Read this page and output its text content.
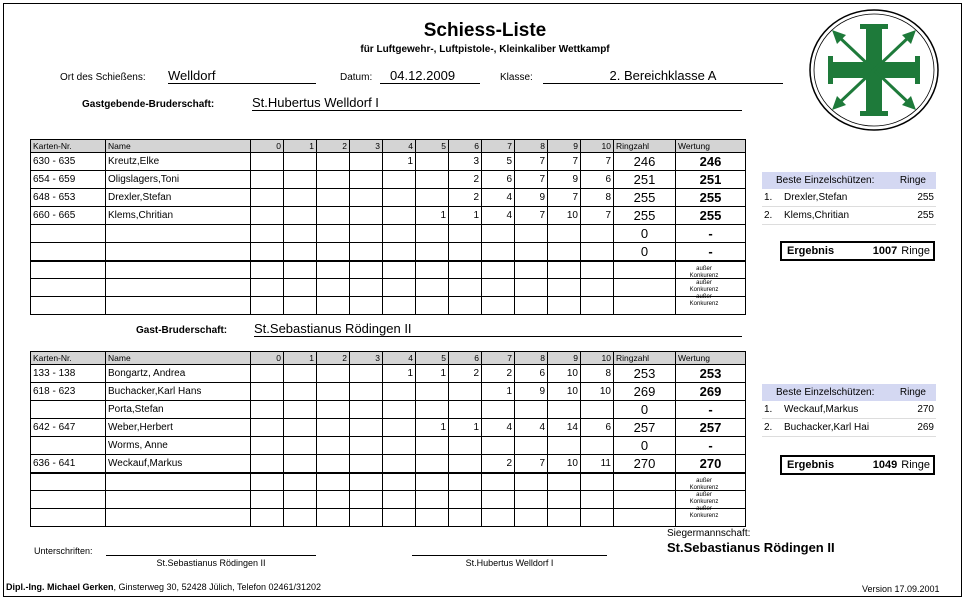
Schiess-Liste
für Luftgewehr-, Luftpistole-, Kleinkaliber Wettkampf
Ort des Schießens: Welldorf	Datum:	04.12.2009	Klasse:	2. Bereichklasse A
Gastgebende-Bruderschaft:	St.Hubertus Welldorf I
Karten-Nr.	Name	0	1	2	3	4	5	6	7	8	9	10	Ringzahl	Wertung
630 - 635	Kreutz,Elke					1		3	5	7	7	7	246	246
654 - 659	Oligslagers,Toni							2	6	7	9	6	251	251
648 - 653	Drexler,Stefan							2	4	9	7	8	255	255
660 - 665	Klems,Chritian						1	1	4	7	10	7	255	255
													0	-
													0	-

außer
Konkurenz
außer
Konkurenz
außer
Konkurenz
Beste Einzelschützen:	Ringe
1.	Drexler,Stefan	255
2.	Klems,Chritian	255
Ergebnis	1007 Ringe
Gast-Bruderschaft: St.Sebastianus Rödingen II
Karten-Nr.	Name	0	1	2	3	4	5	6	7	8	9	10	Ringzahl	Wertung
133 - 138	Bongartz, Andrea					1	1	2	2	6	10	8	253	253
618 - 623	Buchacker,Karl Hans								1	9	10	10	269	269
	Porta,Stefan												0	-
642 - 647	Weber,Herbert						1	1	4	4	14	6	257	257
	Worms, Anne												0	-
636 - 641	Weckauf,Markus								2	7	10	11	270	270

außer
Konkurenz
außer
Konkurenz
außer
Konkurenz
Beste Einzelschützen:	Ringe
1.	Weckauf,Markus	270
2.	Buchacker,Karl Hai	269
Ergebnis	1049 Ringe
Siegermannschaft:
St.Sebastianus Rödingen II
Unterschriften:
St.Sebastianus Rödingen II	St.Hubertus Welldorf I
Dipl.-Ing. Michael Gerken, Ginsterweg 30, 52428 Jülich, Telefon 02461/31202	Version 17.09.2001
